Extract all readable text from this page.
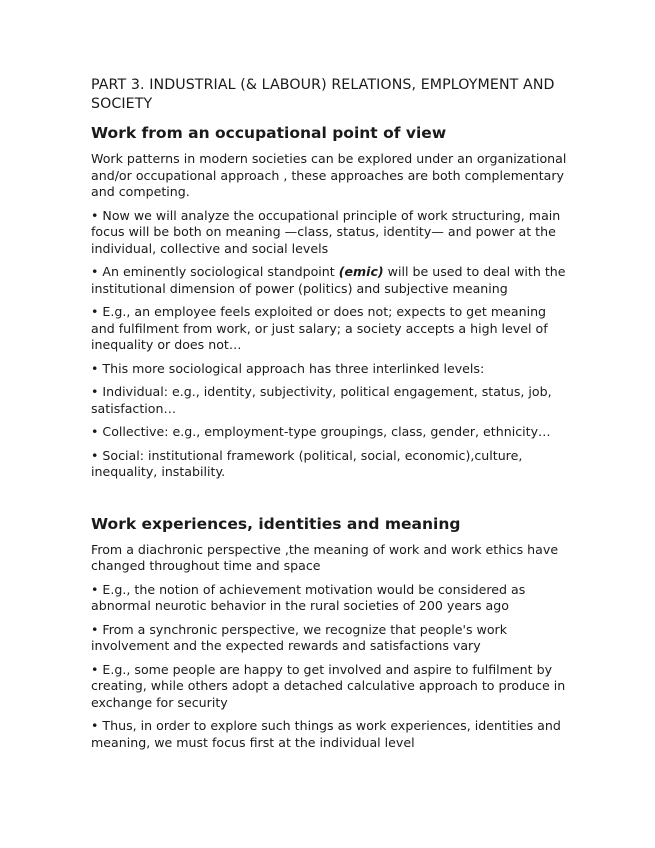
PART 3. INDUSTRIAL (& LABOUR) RELATIONS, EMPLOYMENT AND SOCIETY
Work from an occupational point of view

Work patterns in modern societies can be explored under an organizational and/or occupational approach , these approaches are both complementary and competing.

• Now we will analyze the occupational principle of work structuring, main focus will be both on meaning —class, status, identity— and power at the individual, collective and social levels

• An eminently sociological standpoint (emic) will be used to deal with the institutional dimension of power (politics) and subjective meaning

• E.g., an employee feels exploited or does not; expects to get meaning and fulfilment from work, or just salary; a society accepts a high level of inequality or does not…

• This more sociological approach has three interlinked levels:

• Individual: e.g., identity, subjectivity, political engagement, status, job, satisfaction…

• Collective: e.g., employment-type groupings, class, gender, ethnicity…

• Social: institutional framework (political, social, economic),culture, inequality, instability.

Work experiences, identities and meaning

From a diachronic perspective ,the meaning of work and work ethics have changed throughout time and space

• E.g., the notion of achievement motivation would be considered as abnormal neurotic behavior in the rural societies of 200 years ago

• From a synchronic perspective, we recognize that people's work involvement and the expected rewards and satisfactions vary

• E.g., some people are happy to get involved and aspire to fulfilment by creating, while others adopt a detached calculative approach to produce in exchange for security

• Thus, in order to explore such things as work experiences, identities and meaning, we must focus first at the individual level
